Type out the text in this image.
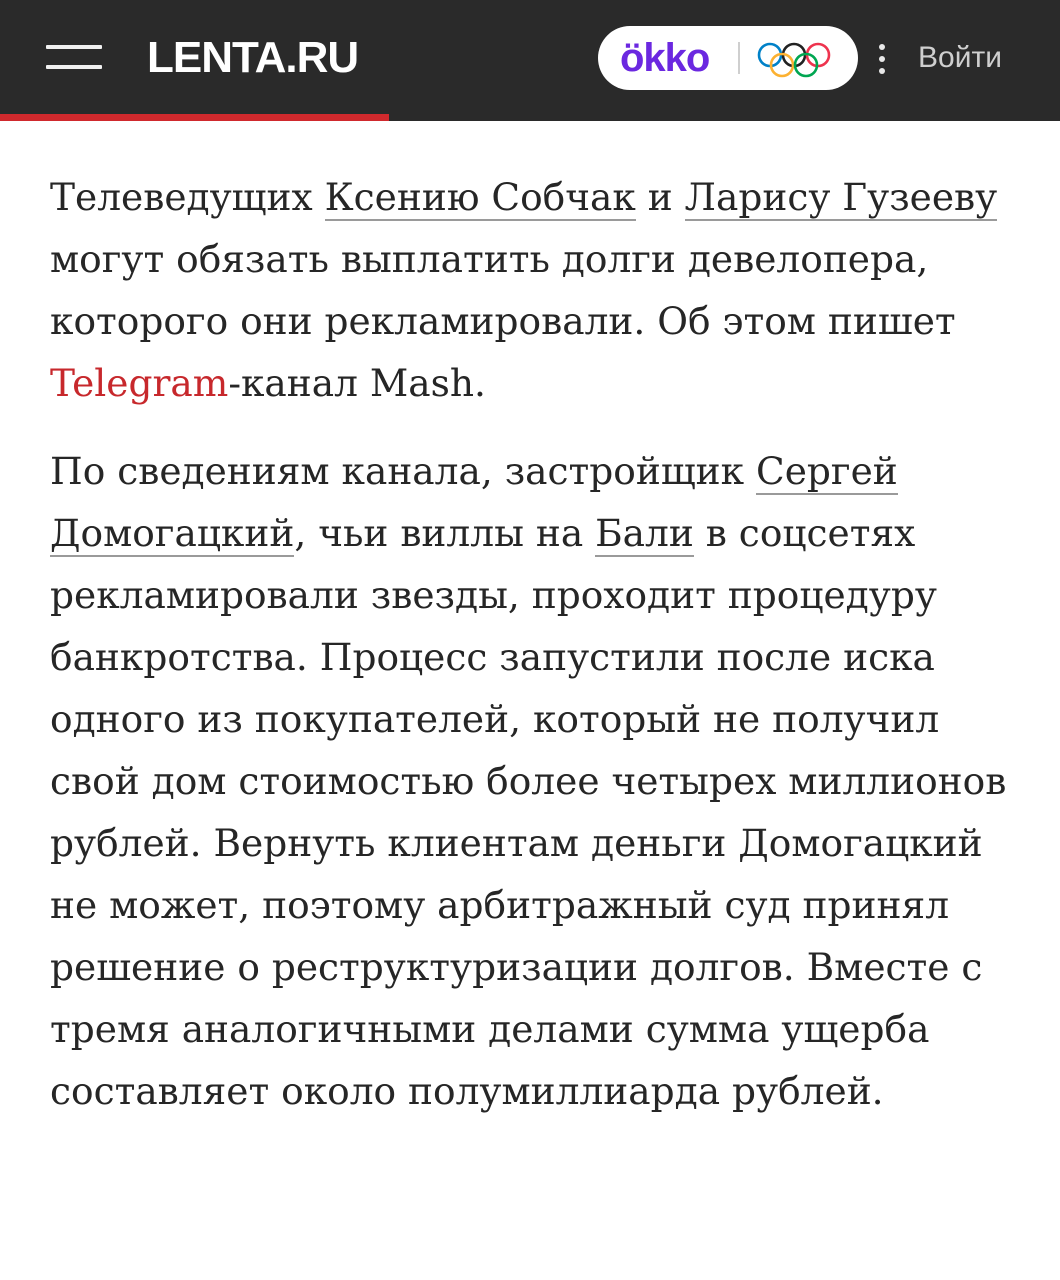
LENTA.RU	ökko	Войти

Телеведущих Ксению Собчак и Ларису Гузееву могут обязать выплатить долги девелопера, которого они рекламировали. Об этом пишет Telegram-канал Mash.

По сведениям канала, застройщик Сергей Домогацкий, чьи виллы на Бали в соцсетях рекламировали звезды, проходит процедуру банкротства. Процесс запустили после иска одного из покупателей, который не получил свой дом стоимостью более четырех миллионов рублей. Вернуть клиентам деньги Домогацкий не может, поэтому арбитражный суд принял решение о реструктуризации долгов. Вместе с тремя аналогичными делами сумма ущерба составляет около полумиллиарда рублей.
